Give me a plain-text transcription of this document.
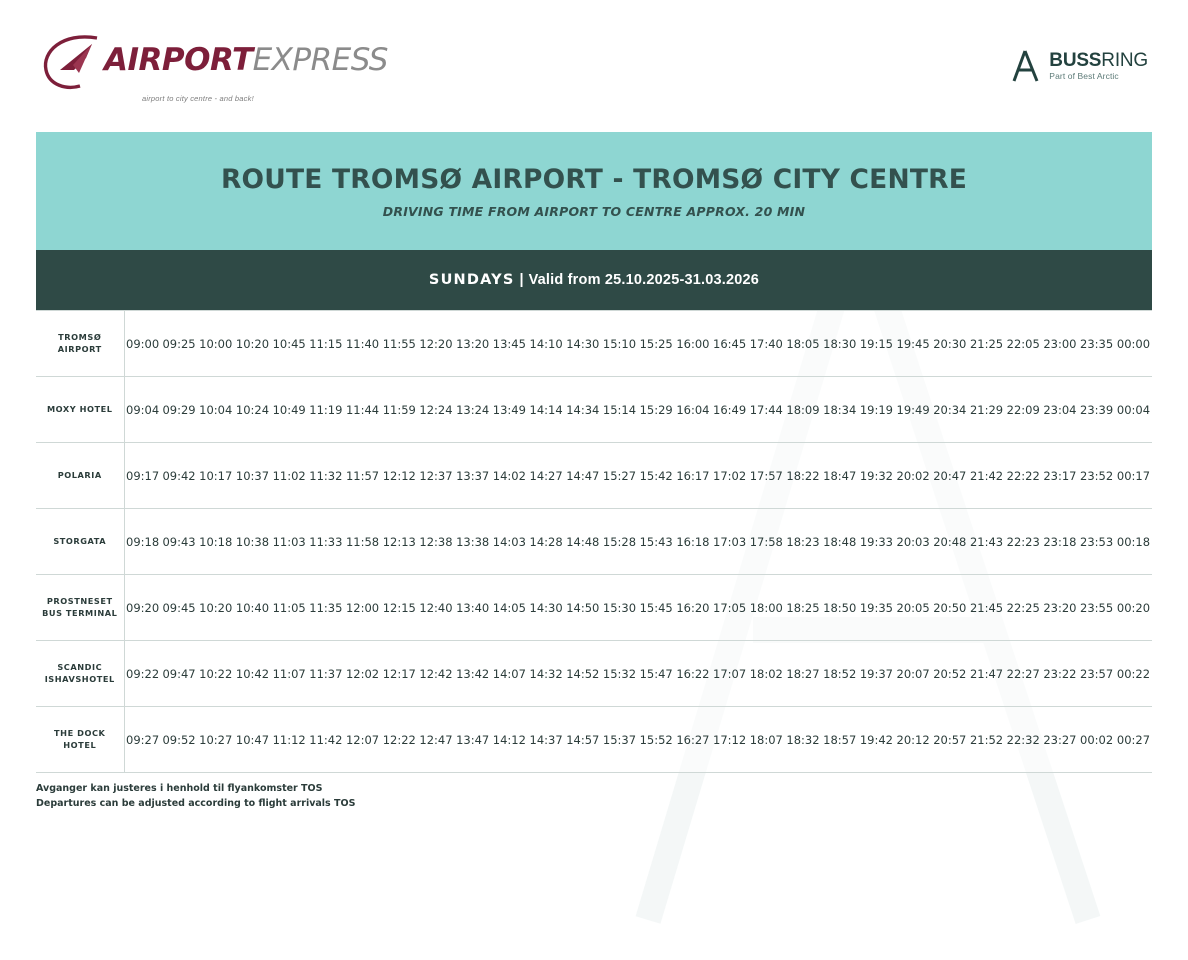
AIRPORTEXPRESS
airport to city centre - and back!
BUSSRING
Part of Best Arctic
ROUTE TROMSØ AIRPORT - TROMSØ CITY CENTRE
DRIVING TIME FROM AIRPORT TO CENTRE APPROX. 20 MIN
SUNDAYS | Valid from 25.10.2025-31.03.2026
TROMSØ
AIRPORT	09:00	09:25	10:00	10:20	10:45	11:15	11:40	11:55	12:20	13:20	13:45	14:10	14:30	15:10	15:25	16:00	16:45	17:40	18:05	18:30	19:15	19:45	20:30	21:25	22:05	23:00	23:35	00:00
MOXY HOTEL	09:04	09:29	10:04	10:24	10:49	11:19	11:44	11:59	12:24	13:24	13:49	14:14	14:34	15:14	15:29	16:04	16:49	17:44	18:09	18:34	19:19	19:49	20:34	21:29	22:09	23:04	23:39	00:04
POLARIA	09:17	09:42	10:17	10:37	11:02	11:32	11:57	12:12	12:37	13:37	14:02	14:27	14:47	15:27	15:42	16:17	17:02	17:57	18:22	18:47	19:32	20:02	20:47	21:42	22:22	23:17	23:52	00:17
STORGATA	09:18	09:43	10:18	10:38	11:03	11:33	11:58	12:13	12:38	13:38	14:03	14:28	14:48	15:28	15:43	16:18	17:03	17:58	18:23	18:48	19:33	20:03	20:48	21:43	22:23	23:18	23:53	00:18
PROSTNESET
BUS TERMINAL	09:20	09:45	10:20	10:40	11:05	11:35	12:00	12:15	12:40	13:40	14:05	14:30	14:50	15:30	15:45	16:20	17:05	18:00	18:25	18:50	19:35	20:05	20:50	21:45	22:25	23:20	23:55	00:20
SCANDIC
ISHAVSHOTEL	09:22	09:47	10:22	10:42	11:07	11:37	12:02	12:17	12:42	13:42	14:07	14:32	14:52	15:32	15:47	16:22	17:07	18:02	18:27	18:52	19:37	20:07	20:52	21:47	22:27	23:22	23:57	00:22
THE DOCK HOTEL	09:27	09:52	10:27	10:47	11:12	11:42	12:07	12:22	12:47	13:47	14:12	14:37	14:57	15:37	15:52	16:27	17:12	18:07	18:32	18:57	19:42	20:12	20:57	21:52	22:32	23:27	00:02	00:27
Avganger kan justeres i henhold til flyankomster TOS
Departures can be adjusted according to flight arrivals TOS
